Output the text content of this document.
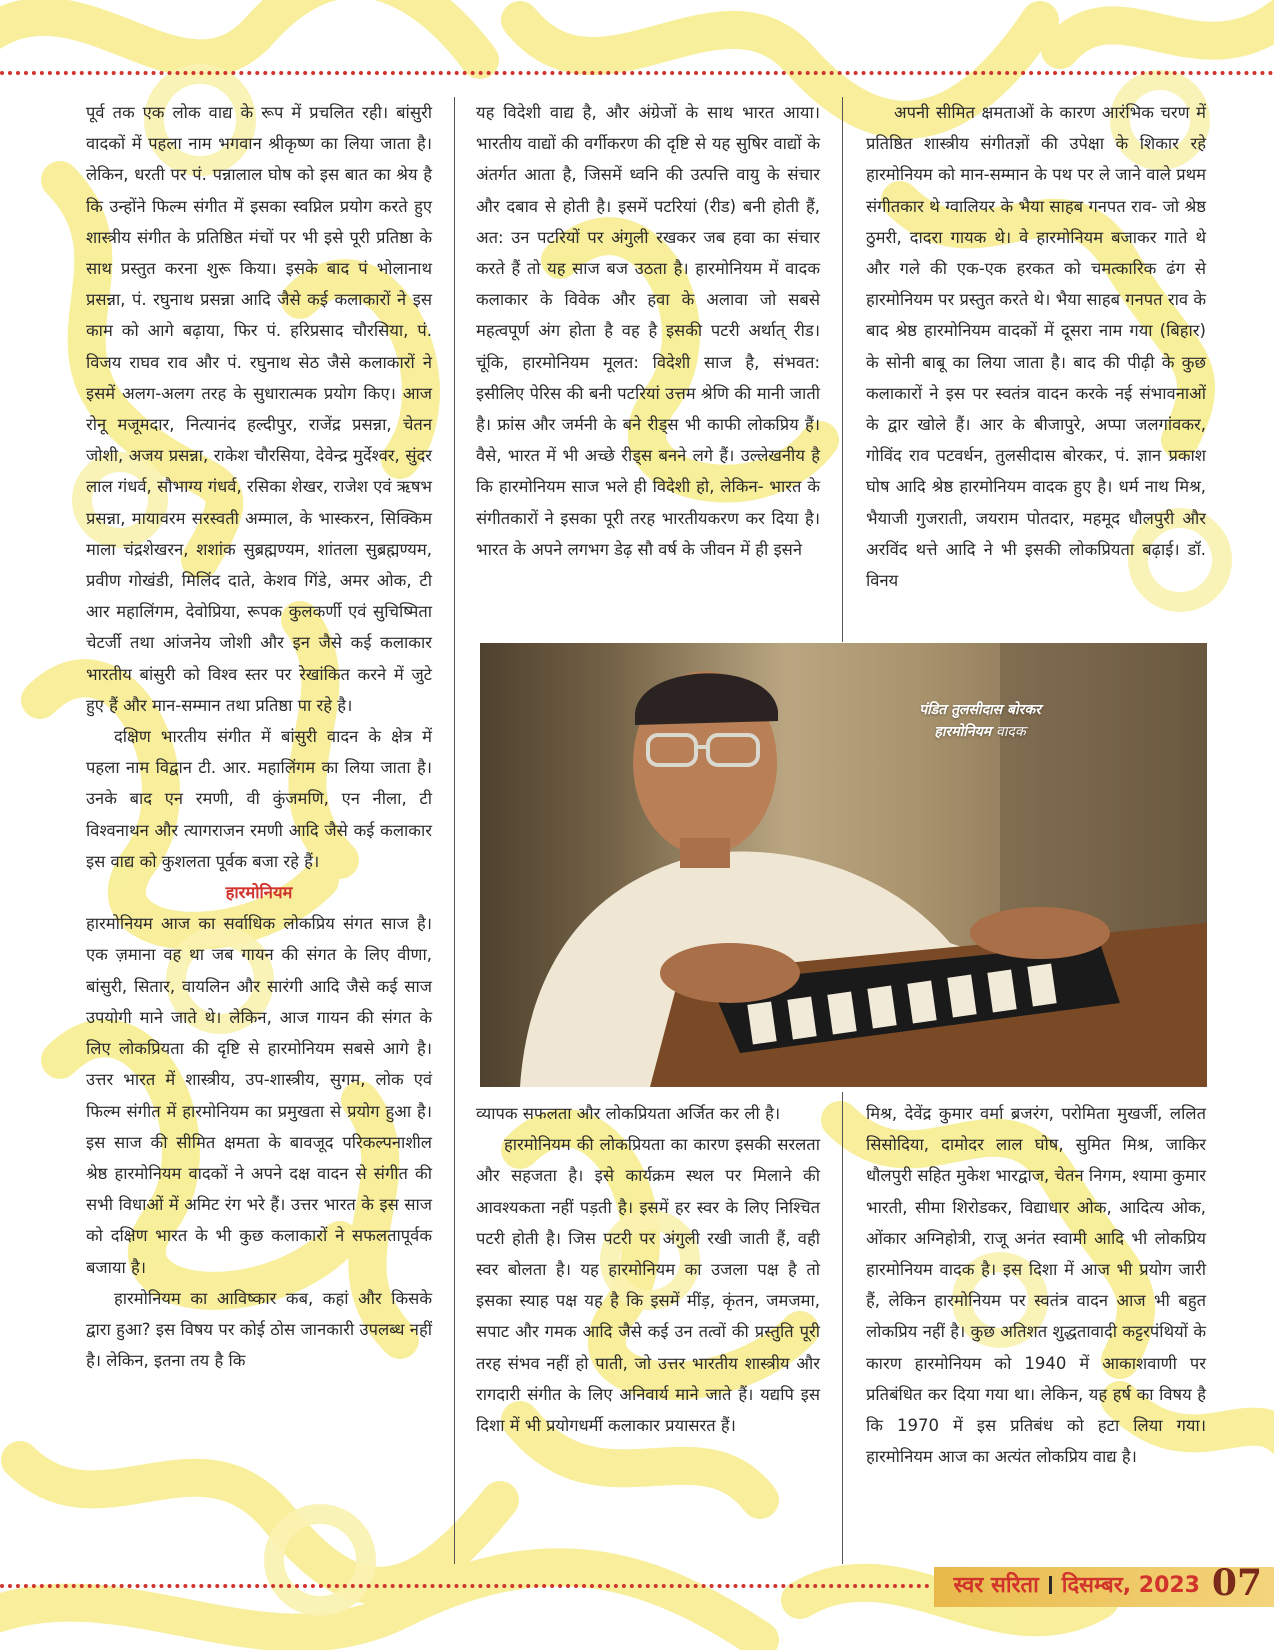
पूर्व तक एक लोक वाद्य के रूप में प्रचलित रही। बांसुरी वादकों में पहला नाम भगवान श्रीकृष्ण का लिया जाता है। लेकिन, धरती पर पं. पन्नालाल घोष को इस बात का श्रेय है कि उन्होंने फिल्म संगीत में इसका स्वप्निल प्रयोग करते हुए शास्त्रीय संगीत के प्रतिष्ठित मंचों पर भी इसे पूरी प्रतिष्ठा के साथ प्रस्तुत करना शुरू किया। इसके बाद पं भोलानाथ प्रसन्ना, पं. रघुनाथ प्रसन्ना आदि जैसे कई कलाकारों ने इस काम को आगे बढ़ाया, फिर पं. हरिप्रसाद चौरसिया, पं. विजय राघव राव और पं. रघुनाथ सेठ जैसे कलाकारों ने इसमें अलग-अलग तरह के सुधारात्मक प्रयोग किए। आज रोनू मजूमदार, नित्यानंद हल्दीपुर, राजेंद्र प्रसन्ना, चेतन जोशी, अजय प्रसन्ना, राकेश चौरसिया, देवेन्द्र मुर्देश्वर, सुंदर लाल गंधर्व, सौभाग्य गंधर्व, रसिका शेखर, राजेश एवं ऋषभ प्रसन्ना, मायावरम सरस्वती अम्माल, के भास्करन, सिक्किम माला चंद्रशेखरन, शशांक सुब्रह्मण्यम, शांतला सुब्रह्मण्यम, प्रवीण गोखंडी, मिलिंद दाते, केशव गिंडे, अमर ओक, टी आर महालिंगम, देवोप्रिया, रूपक कुलकर्णी एवं सुचिष्मिता चेटर्जी तथा आंजनेय जोशी और इन जैसे कई कलाकार भारतीय बांसुरी को विश्व स्तर पर रेखांकित करने में जुटे हुए हैं और मान-सम्मान तथा प्रतिष्ठा पा रहे है।

दक्षिण भारतीय संगीत में बांसुरी वादन के क्षेत्र में पहला नाम विद्वान टी. आर. महालिंगम का लिया जाता है। उनके बाद एन रमणी, वी कुंजमणि, एन नीला, टी विश्वनाथन और त्यागराजन रमणी आदि जैसे कई कलाकार इस वाद्य को कुशलता पूर्वक बजा रहे हैं।

हारमोनियम

हारमोनियम आज का सर्वाधिक लोकप्रिय संगत साज है। एक ज़माना वह था जब गायन की संगत के लिए वीणा, बांसुरी, सितार, वायलिन और सारंगी आदि जैसे कई साज उपयोगी माने जाते थे। लेकिन, आज गायन की संगत के लिए लोकप्रियता की दृष्टि से हारमोनियम सबसे आगे है। उत्तर भारत में शास्त्रीय, उप-शास्त्रीय, सुगम, लोक एवं फिल्म संगीत में हारमोनियम का प्रमुखता से प्रयोग हुआ है। इस साज की सीमित क्षमता के बावजूद परिकल्पनाशील श्रेष्ठ हारमोनियम वादकों ने अपने दक्ष वादन से संगीत की सभी विधाओं में अमिट रंग भरे हैं। उत्तर भारत के इस साज को दक्षिण भारत के भी कुछ कलाकारों ने सफलतापूर्वक बजाया है।

हारमोनियम का आविष्कार कब, कहां और किसके द्वारा हुआ? इस विषय पर कोई ठोस जानकारी उपलब्ध नहीं है। लेकिन, इतना तय है कि

यह विदेशी वाद्य है, और अंग्रेजों के साथ भारत आया। भारतीय वाद्यों की वर्गीकरण की दृष्टि से यह सुषिर वाद्यों के अंतर्गत आता है, जिसमें ध्वनि की उत्पत्ति वायु के संचार और दबाव से होती है। इसमें पटरियां (रीड) बनी होती हैं, अत: उन पटरियों पर अंगुली रखकर जब हवा का संचार करते हैं तो यह साज बज उठता है। हारमोनियम में वादक कलाकार के विवेक और हवा के अलावा जो सबसे महत्वपूर्ण अंग होता है वह है इसकी पटरी अर्थात् रीड। चूंकि, हारमोनियम मूलत: विदेशी साज है, संभवत: इसीलिए पेरिस की बनी पटरियां उत्तम श्रेणि की मानी जाती है। फ्रांस और जर्मनी के बने रीड्स भी काफी लोकप्रिय हैं। वैसे, भारत में भी अच्छे रीड्स बनने लगे हैं। उल्लेखनीय है कि हारमोनियम साज भले ही विदेशी हो, लेकिन- भारत के संगीतकारों ने इसका पूरी तरह भारतीयकरण कर दिया है। भारत के अपने लगभग डेढ़ सौ वर्ष के जीवन में ही इसने

अपनी सीमित क्षमताओं के कारण आरंभिक चरण में प्रतिष्ठित शास्त्रीय संगीतज्ञों की उपेक्षा के शिकार रहे हारमोनियम को मान-सम्मान के पथ पर ले जाने वाले प्रथम संगीतकार थे ग्वालियर के भैया साहब गनपत राव- जो श्रेष्ठ ठुमरी, दादरा गायक थे। वे हारमोनियम बजाकर गाते थे और गले की एक-एक हरकत को चमत्कारिक ढंग से हारमोनियम पर प्रस्तुत करते थे। भैया साहब गनपत राव के बाद श्रेष्ठ हारमोनियम वादकों में दूसरा नाम गया (बिहार) के सोनी बाबू का लिया जाता है। बाद की पीढ़ी के कुछ कलाकारों ने इस पर स्वतंत्र वादन करके नई संभावनाओं के द्वार खोले हैं। आर के बीजापुरे, अप्पा जलगांवकर, गोविंद राव पटवर्धन, तुलसीदास बोरकर, पं. ज्ञान प्रकाश घोष आदि श्रेष्ठ हारमोनियम वादक हुए है। धर्म नाथ मिश्र, भैयाजी गुजराती, जयराम पोतदार, महमूद धौलपुरी और अरविंद थत्ते आदि ने भी इसकी लोकप्रियता बढ़ाई। डॉ. विनय

पंडित तुलसीदास बोरकर
हारमोनियम वादक

व्यापक सफलता और लोकप्रियता अर्जित कर ली है।

हारमोनियम की लोकप्रियता का कारण इसकी सरलता और सहजता है। इसे कार्यक्रम स्थल पर मिलाने की आवश्यकता नहीं पड़ती है। इसमें हर स्वर के लिए निश्चित पटरी होती है। जिस पटरी पर अंगुली रखी जाती हैं, वही स्वर बोलता है। यह हारमोनियम का उजला पक्ष है तो इसका स्याह पक्ष यह है कि इसमें मींड़, कृंतन, जमजमा, सपाट और गमक आदि जैसे कई उन तत्वों की प्रस्तुति पूरी तरह संभव नहीं हो पाती, जो उत्तर भारतीय शास्त्रीय और रागदारी संगीत के लिए अनिवार्य माने जाते हैं। यद्यपि इस दिशा में भी प्रयोगधर्मी कलाकार प्रयासरत हैं।

मिश्र, देवेंद्र कुमार वर्मा ब्रजरंग, परोमिता मुखर्जी, ललित सिसोदिया, दामोदर लाल घोष, सुमित मिश्र, जाकिर धौलपुरी सहित मुकेश भारद्वाज, चेतन निगम, श्यामा कुमार भारती, सीमा शिरोडकर, विद्याधार ओक, आदित्य ओक, ओंकार अग्निहोत्री, राजू अनंत स्वामी आदि भी लोकप्रिय हारमोनियम वादक है। इस दिशा में आज भी प्रयोग जारी हैं, लेकिन हारमोनियम पर स्वतंत्र वादन आज भी बहुत लोकप्रिय नहीं है। कुछ अतिशत शुद्धतावादी कट्टरपंथियों के कारण हारमोनियम को 1940 में आकाशवाणी पर प्रतिबंधित कर दिया गया था। लेकिन, यह हर्ष का विषय है कि 1970 में इस प्रतिबंध को हटा लिया गया। हारमोनियम आज का अत्यंत लोकप्रिय वाद्य है।

स्वर सरिता दिसम्बर, 2023 07
